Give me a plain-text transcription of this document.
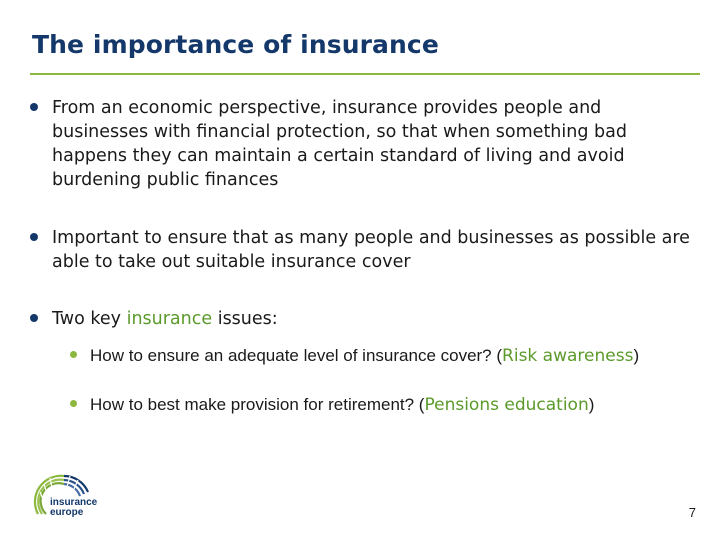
The importance of insurance
From an economic perspective, insurance provides people and businesses with financial protection, so that when something bad happens they can maintain a certain standard of living and avoid burdening public finances
Important to ensure that as many people and businesses as possible are able to take out suitable insurance cover
Two key insurance issues:
How to ensure an adequate level of insurance cover? (Risk awareness)
How to best make provision for retirement? (Pensions education)
insurance
europe	7
